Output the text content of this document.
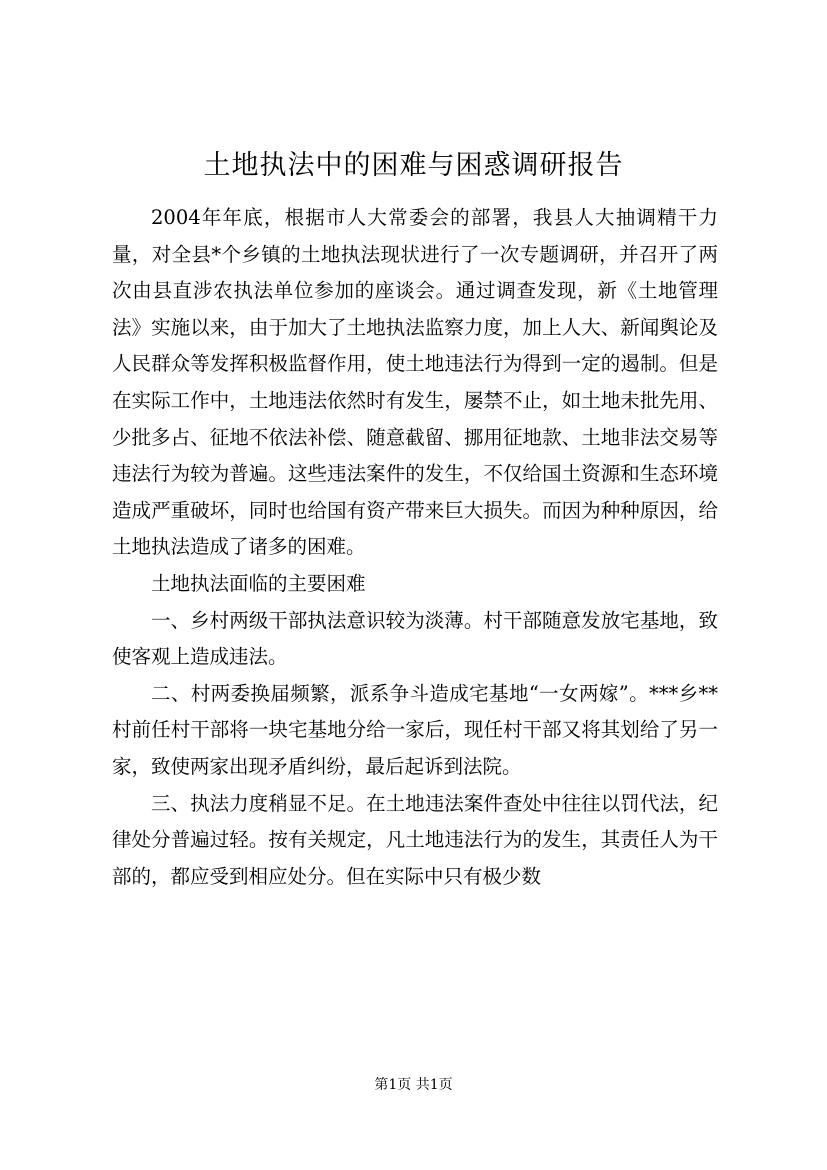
土地执法中的困难与困惑调研报告

2004年年底，根据市人大常委会的部署，我县人大抽调精干力量，对全县*个乡镇的土地执法现状进行了一次专题调研，并召开了两次由县直涉农执法单位参加的座谈会。通过调查发现，新《土地管理法》实施以来，由于加大了土地执法监察力度，加上人大、新闻舆论及人民群众等发挥积极监督作用，使土地违法行为得到一定的遏制。但是在实际工作中，土地违法依然时有发生，屡禁不止，如土地未批先用、少批多占、征地不依法补偿、随意截留、挪用征地款、土地非法交易等违法行为较为普遍。这些违法案件的发生，不仅给国土资源和生态环境造成严重破坏，同时也给国有资产带来巨大损失。而因为种种原因，给土地执法造成了诸多的困难。

土地执法面临的主要困难

一、乡村两级干部执法意识较为淡薄。村干部随意发放宅基地，致使客观上造成违法。

二、村两委换届频繁，派系争斗造成宅基地“一女两嫁”。***乡**村前任村干部将一块宅基地分给一家后，现任村干部又将其划给了另一家，致使两家出现矛盾纠纷，最后起诉到法院。

三、执法力度稍显不足。在土地违法案件查处中往往以罚代法，纪律处分普遍过轻。按有关规定，凡土地违法行为的发生，其责任人为干部的，都应受到相应处分。但在实际中只有极少数

第1页 共1页
